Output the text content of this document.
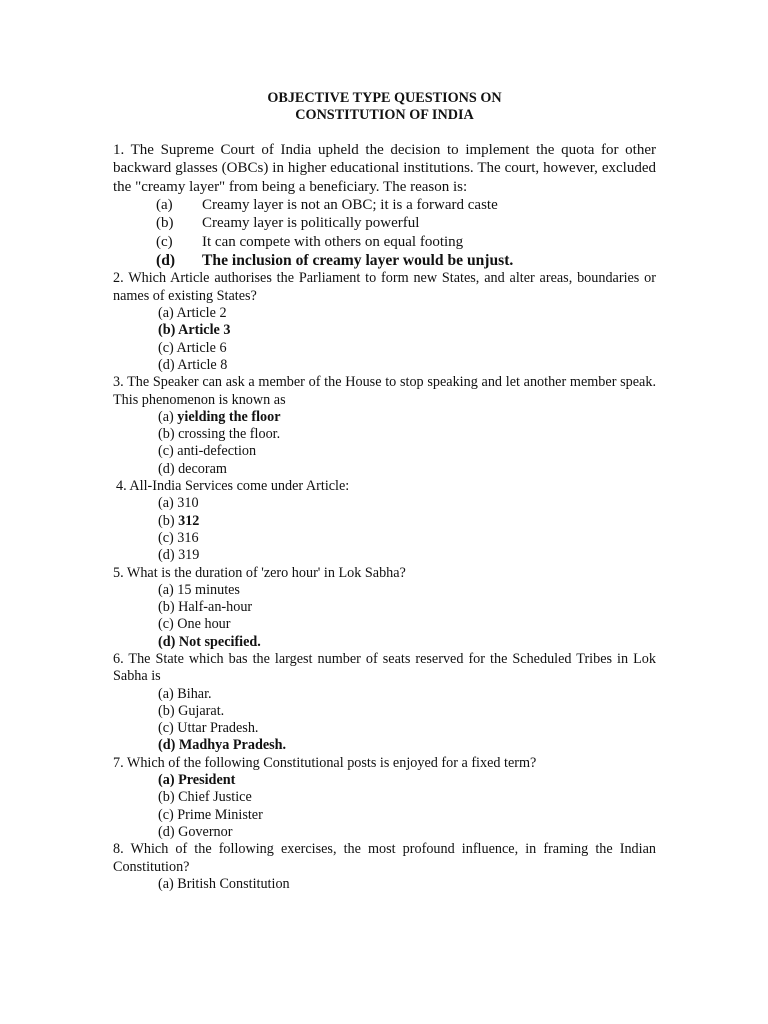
OBJECTIVE TYPE QUESTIONS ON
CONSTITUTION OF INDIA
1. The Supreme Court of India upheld the decision to implement the quota for other backward glasses (OBCs) in higher educational institutions. The court, however, excluded the "creamy layer" from being a beneficiary. The reason is:
(a)	Creamy layer is not an OBC; it is a forward caste
(b)	Creamy layer is politically powerful
(c)	It can compete with others on equal footing
(d)	The inclusion of creamy layer would be unjust.
2. Which Article authorises the Parliament to form new States, and alter areas, boundaries or names of existing States?
(a) Article 2
(b) Article 3
(c) Article 6
(d) Article 8
3. The Speaker can ask a member of the House to stop speaking and let another member speak. This phenomenon is known as
(a) yielding the floor
(b) crossing the floor.
(c) anti-defection
(d) decoram
4. All-India Services come under Article:
(a) 310
(b) 312
(c) 316
(d) 319
5. What is the duration of 'zero hour' in Lok Sabha?
(a) 15 minutes
(b) Half-an-hour
(c) One hour
(d) Not specified.
6. The State which bas the largest number of seats reserved for the Scheduled Tribes in Lok Sabha is
(a) Bihar.
(b) Gujarat.
(c) Uttar Pradesh.
(d) Madhya Pradesh.
7. Which of the following Constitutional posts is enjoyed for a fixed term?
(a) President
(b) Chief Justice
(c) Prime Minister
(d) Governor
8. Which of the following exercises, the most profound influence, in framing the Indian Constitution?
(a) British Constitution
